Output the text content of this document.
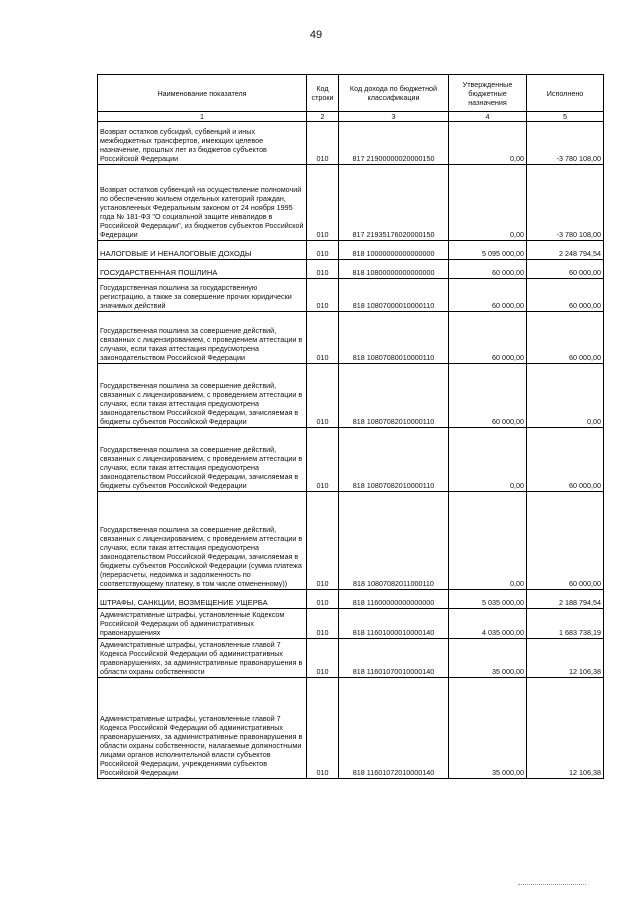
49
Наименование показателя	Код строки	Код дохода по бюджетной классификации	Утвержденные бюджетные назначения	Исполнено
1	2	3	4	5
Возврат остатков субсидий, субвенций и иных межбюджетных трансфертов, имеющих целевое назначение, прошлых лет из бюджетов субъектов Российской Федерации	010	817 21900000020000150	0,00	-3 780 108,00
Возврат остатков субвенций на осуществление полномочий по обеспечению жильем отдельных категорий граждан, установленных Федеральным законом от 24 ноября 1995 года № 181-ФЗ "О социальной защите инвалидов в Российской Федерации", из бюджетов субъектов Российской Федерации	010	817 21935176020000150	0,00	-3 780 108,00
НАЛОГОВЫЕ И НЕНАЛОГОВЫЕ ДОХОДЫ	010	818 10000000000000000	5 095 000,00	2 248 794,54
ГОСУДАРСТВЕННАЯ ПОШЛИНА	010	818 10800000000000000	60 000,00	60 000,00
Государственная пошлина за государственную регистрацию, а также за совершение прочих юридически значимых действий	010	818 10807000010000110	60 000,00	60 000,00
Государственная пошлина за совершение действий, связанных с лицензированием, с проведением аттестации в случаях, если такая аттестация предусмотрена законодательством Российской Федерации	010	818 10807080010000110	60 000,00	60 000,00
Государственная пошлина за совершение действий, связанных с лицензированием, с проведением аттестации в случаях, если такая аттестация предусмотрена законодательством Российской Федерации, зачисляемая в бюджеты субъектов Российской Федерации	010	818 10807082010000110	60 000,00	0,00
Государственная пошлина за совершение действий, связанных с лицензированием, с проведением аттестации в случаях, если такая аттестация предусмотрена законодательством Российской Федерации, зачисляемая в бюджеты субъектов Российской Федерации	010	818 10807082010000110	0,00	60 000,00
Государственная пошлина за совершение действий, связанных с лицензированием, с проведением аттестации в случаях, если такая аттестация предусмотрена законодательством Российской Федерации, зачисляемая в бюджеты субъектов Российской Федерации (сумма платежа (перерасчеты, недоимка и задолженность по соответствующему платежу, в том числе отмененному))	010	818 10807082011000110	0,00	60 000,00
ШТРАФЫ, САНКЦИИ, ВОЗМЕЩЕНИЕ УЩЕРБА	010	818 11600000000000000	5 035 000,00	2 188 794,54
Административные штрафы, установленные Кодексом Российской Федерации об административных правонарушениях	010	818 11601000010000140	4 035 000,00	1 683 738,19
Административные штрафы, установленные главой 7 Кодекса Российской Федерации об административных правонарушениях, за административные правонарушения в области охраны собственности	010	818 11601070010000140	35 000,00	12 106,38
Административные штрафы, установленные главой 7 Кодекса Российской Федерации об административных правонарушениях, за административные правонарушения в области охраны собственности, налагаемые должностными лицами органов исполнительной власти субъектов Российской Федерации, учреждениями субъектов Российской Федерации	010	818 11601072010000140	35 000,00	12 106,38
